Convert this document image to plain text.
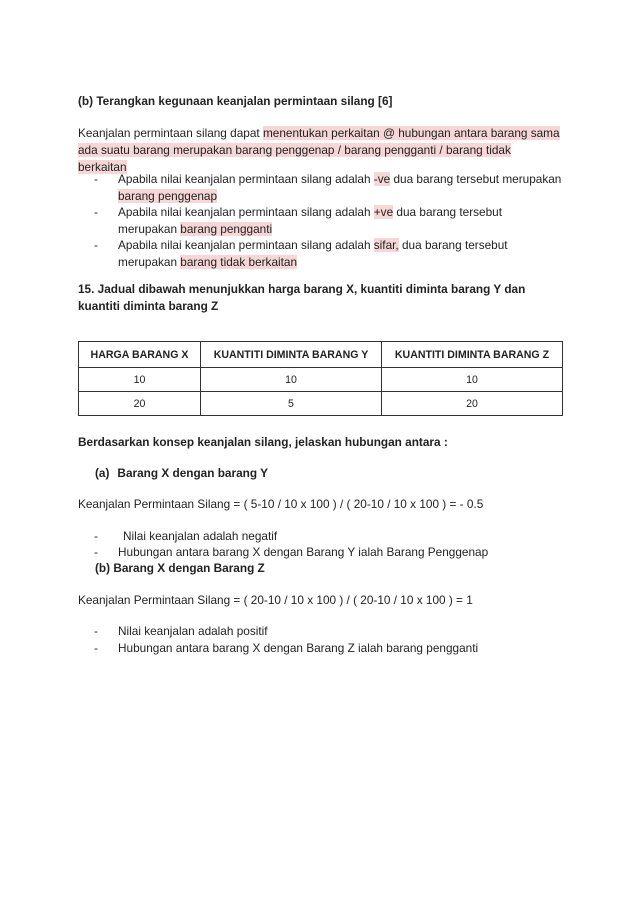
(b) Terangkan kegunaan keanjalan permintaan silang [6]
Keanjalan permintaan silang dapat menentukan perkaitan @ hubungan antara barang sama
ada suatu barang merupakan barang penggenap / barang pengganti / barang tidak
berkaitan
- Apabila nilai keanjalan permintaan silang adalah -ve dua barang tersebut merupakan
barang penggenap
- Apabila nilai keanjalan permintaan silang adalah +ve dua barang tersebut
merupakan barang pengganti
- Apabila nilai keanjalan permintaan silang adalah sifar, dua barang tersebut
merupakan barang tidak berkaitan
15. Jadual dibawah menunjukkan harga barang X, kuantiti diminta barang Y dan
kuantiti diminta barang Z
HARGA BARANG X	KUANTITI DIMINTA BARANG Y	KUANTITI DIMINTA BARANG Z
10	10	10
20	5	20
Berdasarkan konsep keanjalan silang, jelaskan hubungan antara :
(a) Barang X dengan barang Y
Keanjalan Permintaan Silang = ( 5-10 / 10 x 100 ) / ( 20-10 / 10 x 100 ) = - 0.5
- Nilai keanjalan adalah negatif
- Hubungan antara barang X dengan Barang Y ialah Barang Penggenap
(b) Barang X dengan Barang Z
Keanjalan Permintaan Silang = ( 20-10 / 10 x 100 ) / ( 20-10 / 10 x 100 ) = 1
- Nilai keanjalan adalah positif
- Hubungan antara barang X dengan Barang Z ialah barang pengganti
